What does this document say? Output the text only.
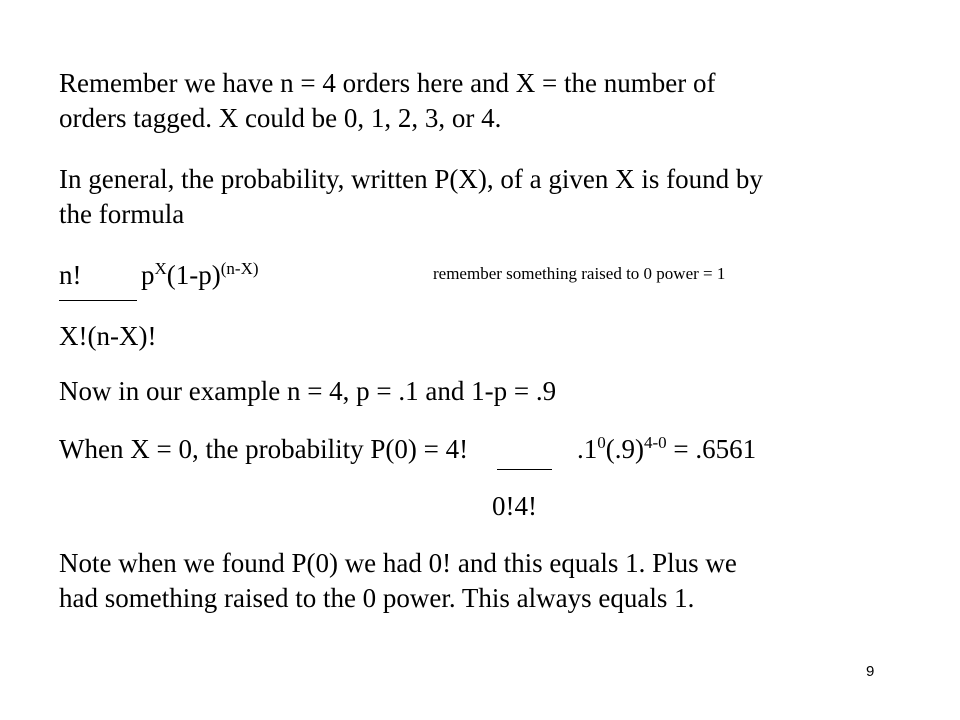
Remember we have n = 4 orders here and X = the number of
orders tagged. X could be 0, 1, 2, 3, or 4.
In general, the probability, written P(X), of a given X is found by
the formula
n! $p^X(1-p)^{(n-X)}$	remember something raised to 0 power = 1
X!(n-X)!
Now in our example n = 4, p = .1 and 1-p = .9
When X = 0, the probability P(0) = 4!	$.1^0(.9)^{4-0} = .6561$
0!4!
Note when we found P(0) we had 0! and this equals 1. Plus we
had something raised to the 0 power. This always equals 1.
9
